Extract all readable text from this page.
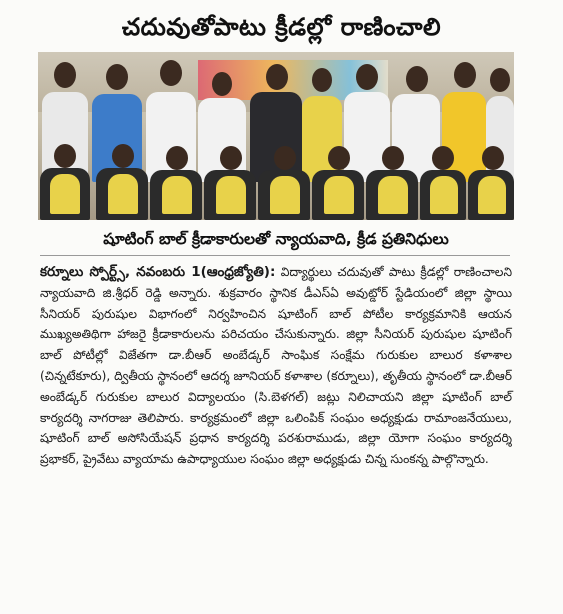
చదువుతోపాటు క్రీడల్లో రాణించాలి
షూటింగ్ బాల్ క్రీడాకారులతో న్యాయవాది, క్రీడ ప్రతినిధులు
కర్నూలు స్పోర్ట్స్, నవంబరు 1(ఆంధ్రజ్యోతి): విద్యార్థులు చదువుతో పాటు క్రీడల్లో రాణించాలని న్యాయవాది జి.శ్రీధర్ రెడ్డి అన్నారు. శుక్రవారం స్థానిక డీఎస్ఏ అవుట్డోర్ స్టేడియంలో జిల్లా స్థాయి సీనియర్ పురుషుల విభాగంలో నిర్వహించిన షూటింగ్ బాల్ పోటీల కార్యక్రమానికి ఆయన ముఖ్యఅతిథిగా హాజరై క్రీడాకారులను పరిచయం చేసుకున్నారు. జిల్లా సీనియర్ పురుషుల షూటింగ్ బాల్ పోటీల్లో విజేతగా డా.బీఆర్ అంబేడ్కర్ సాంఘిక సంక్షేమ గురుకుల బాలుర కళాశాల (చిన్నటేకూరు), ద్వితీయ స్థానంలో ఆదర్శ జూనియర్ కళాశాల (కర్నూలు), తృతీయ స్థానంలో డా.బీఆర్ అంబేడ్కర్ గురుకుల బాలుర విద్యాలయం (సి.బెళగల్) జట్లు నిలిచాయని జిల్లా షూటింగ్ బాల్ కార్యదర్శి నాగరాజు తెలిపారు. కార్యక్రమంలో జిల్లా ఒలింపిక్ సంఘం అధ్యక్షుడు రామాంజనేయులు, షూటింగ్ బాల్ అసోసియేషన్ ప్రధాన కార్యదర్శి పరశురాముడు, జిల్లా యోగా సంఘం కార్యదర్శి ప్రభాకర్, ప్రైవేటు వ్యాయామ ఉపాధ్యాయుల సంఘం జిల్లా అధ్యక్షుడు చిన్న సుంకన్న పాల్గొన్నారు.
